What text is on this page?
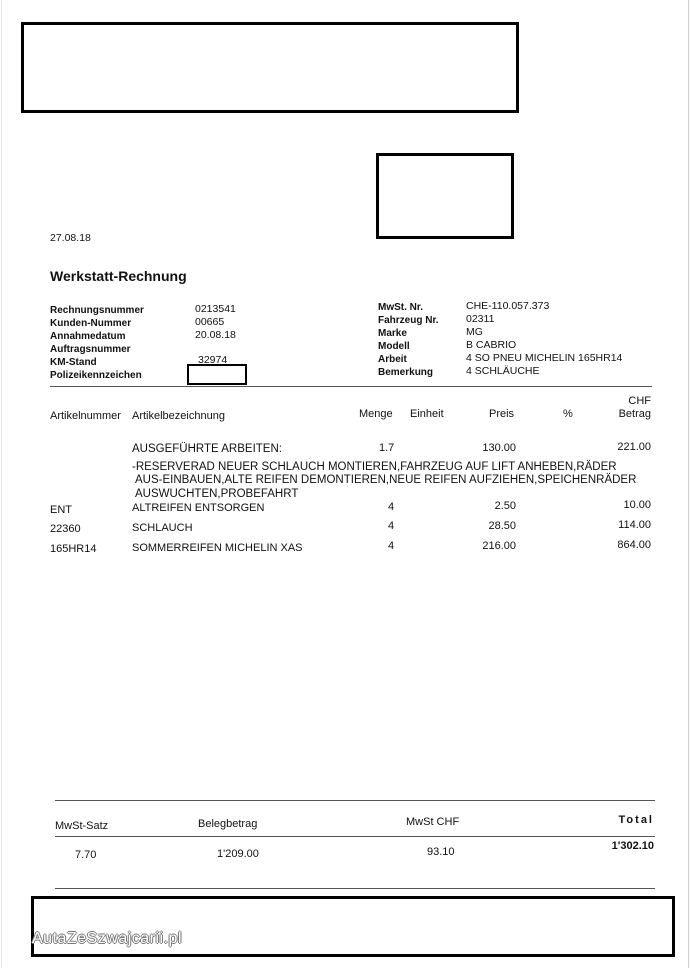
27.08.18
Werkstatt-Rechnung
Rechnungsnummer	0213541
Kunden-Nummer	00665
Annahmedatum	20.08.18
Auftragsnummer
KM-Stand	32974
Polizeikennzeichen
MwSt. Nr.	CHE-110.057.373
Fahrzeug Nr.	02311
Marke	MG
Modell	B CABRIO
Arbeit	4 SO PNEU MICHELIN 165HR14
Bemerkung	4 SCHLÄUCHE
Artikelnummer Artikelbezeichnung	Menge Einheit	Preis	%
CHF
Betrag
AUSGEFÜHRTE ARBEITEN:	1.7	130.00	221.00
-RESERVERAD NEUER SCHLAUCH MONTIEREN,FAHRZEUG AUF LIFT ANHEBEN,RÄDER
AUS-EINBAUEN,ALTE REIFEN DEMONTIEREN,NEUE REIFEN AUFZIEHEN,SPEICHENRÄDER
AUSWUCHTEN,PROBEFAHRT
ENT	ALTREIFEN ENTSORGEN	4	2.50	10.00
22360	SCHLAUCH	4	28.50	114.00
165HR14	SOMMERREIFEN MICHELIN XAS	4	216.00	864.00
MwSt-Satz	Belegbetrag	MwSt CHF	Total
7.70	1'209.00	93.10	1'302.10
AutaZeSzwajcarii.pl
